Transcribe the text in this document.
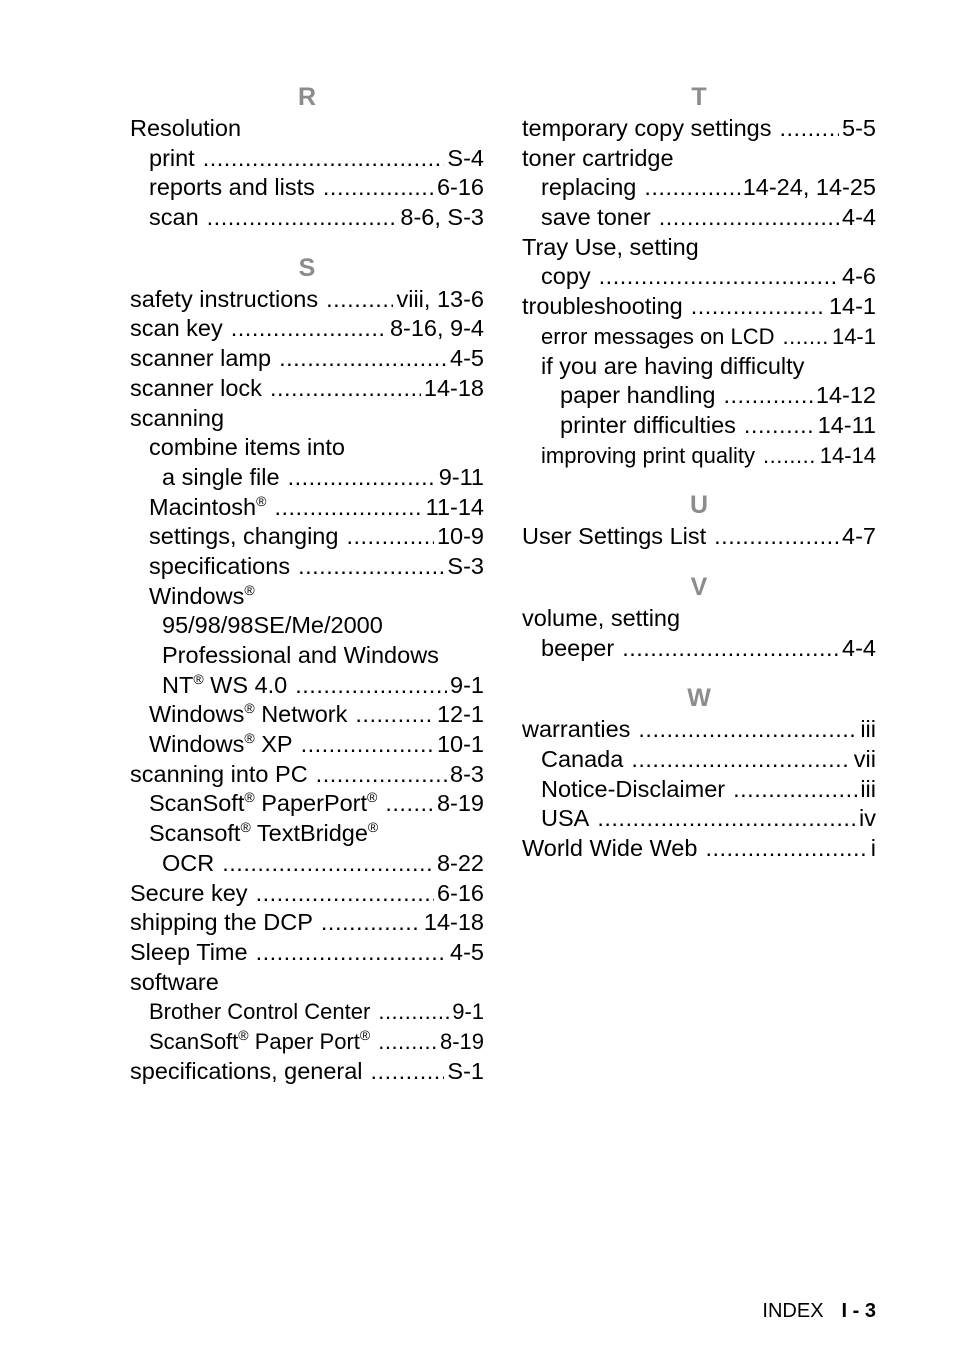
R
Resolution
print .....	S-4
reports and lists .....	6-16
scan .....	8-6, S-3
S
safety instructions .....	viii, 13-6
scan key .....	8-16, 9-4
scanner lamp .....	4-5
scanner lock .....	14-18
scanning
combine items into
a single file .....	9-11
Macintosh® .....	11-14
settings, changing .....	10-9
specifications .....	S-3
Windows®
95/98/98SE/Me/2000
Professional and Windows
NT® WS 4.0 .....	9-1
Windows® Network .....	12-1
Windows® XP .....	10-1
scanning into PC .....	8-3
ScanSoft® PaperPort® .....	8-19
Scansoft® TextBridge®
OCR .....	8-22
Secure key .....	6-16
shipping the DCP .....	14-18
Sleep Time .....	4-5
software
Brother Control Center .....	9-1
ScanSoft® Paper Port® .....	8-19
specifications, general .....	S-1
T
temporary copy settings .....	5-5
toner cartridge
replacing .....	14-24, 14-25
save toner .....	4-4
Tray Use, setting
copy .....	4-6
troubleshooting .....	14-1
error messages on LCD .....	14-1
if you are having difficulty
paper handling .....	14-12
printer difficulties .....	14-11
improving print quality .....	14-14
U
User Settings List .....	4-7
V
volume, setting
beeper .....	4-4
W
warranties .....	iii
Canada .....	vii
Notice-Disclaimer .....	iii
USA .....	iv
World Wide Web .....	i
INDEX I - 3
